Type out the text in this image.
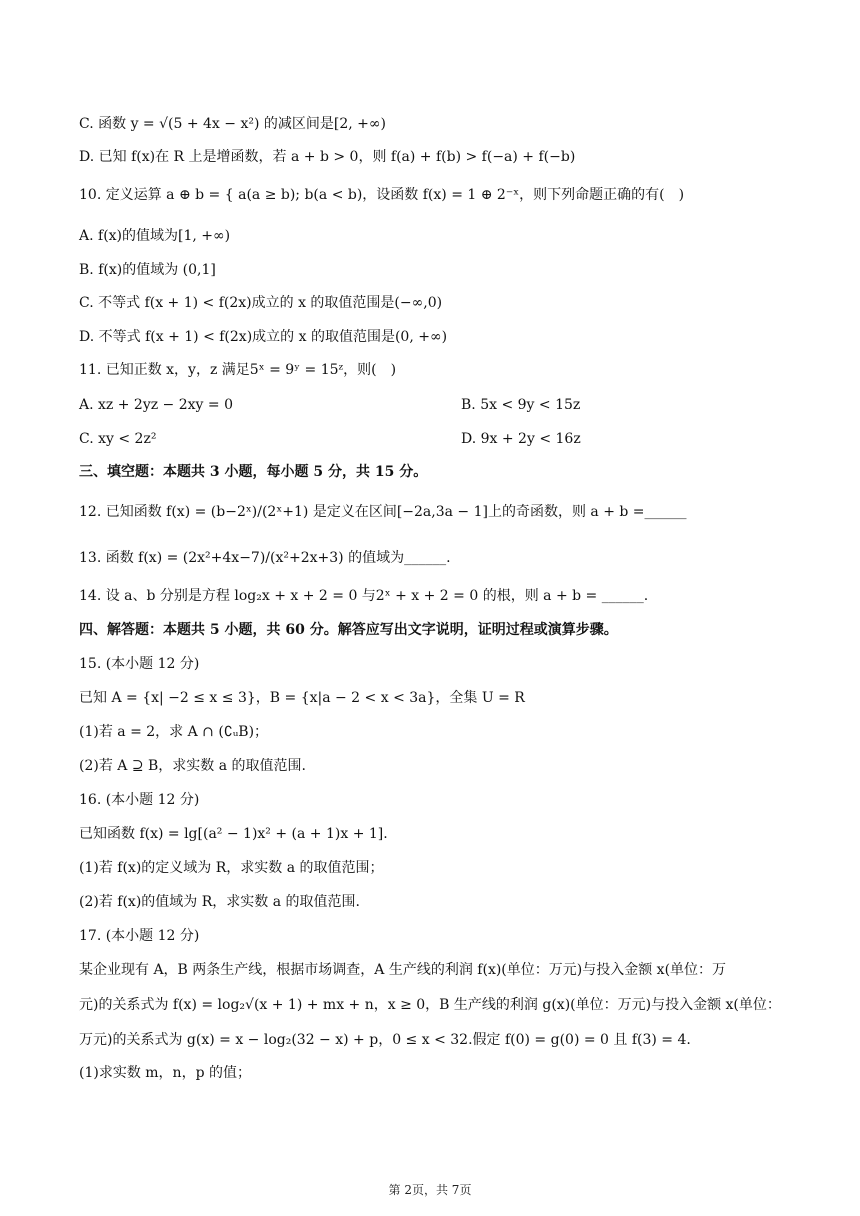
C. 函数 y = √(5 + 4x − x²) 的减区间是[2, +∞)
D. 已知 f(x)在 R 上是增函数，若 a + b > 0，则 f(a) + f(b) > f(−a) + f(−b)
10. 定义运算 a ⊕ b = { a(a ≥ b); b(a < b)，设函数 f(x) = 1 ⊕ 2⁻ˣ，则下列命题正确的有(　)
A. f(x)的值域为[1, +∞)
B. f(x)的值域为 (0,1]
C. 不等式 f(x + 1) < f(2x)成立的 x 的取值范围是(−∞,0)
D. 不等式 f(x + 1) < f(2x)成立的 x 的取值范围是(0, +∞)
11. 已知正数 x，y，z 满足5ˣ = 9ʸ = 15ᶻ，则(　)
A. xz + 2yz − 2xy = 0	B. 5x < 9y < 15z
C. xy < 2z²	D. 9x + 2y < 16z
三、填空题：本题共 3 小题，每小题 5 分，共 15 分。
12. 已知函数 f(x) = (b−2ˣ)/(2ˣ+1) 是定义在区间[−2a,3a − 1]上的奇函数，则 a + b =______
13. 函数 f(x) = (2x²+4x−7)/(x²+2x+3) 的值域为______.
14. 设 a、b 分别是方程 log₂x + x + 2 = 0 与2ˣ + x + 2 = 0 的根，则 a + b = ______.
四、解答题：本题共 5 小题，共 60 分。解答应写出文字说明，证明过程或演算步骤。
15. (本小题 12 分)
已知 A = {x| −2 ≤ x ≤ 3}，B = {x|a − 2 < x < 3a}，全集 U = R
(1)若 a = 2，求 A ∩ (∁ᵤB)；
(2)若 A ⊇ B，求实数 a 的取值范围.
16. (本小题 12 分)
已知函数 f(x) = lg[(a² − 1)x² + (a + 1)x + 1].
(1)若 f(x)的定义域为 R，求实数 a 的取值范围；
(2)若 f(x)的值域为 R，求实数 a 的取值范围.
17. (本小题 12 分)
某企业现有 A，B 两条生产线，根据市场调查，A 生产线的利润 f(x)(单位：万元)与投入金额 x(单位：万
元)的关系式为 f(x) = log₂√(x + 1) + mx + n，x ≥ 0，B 生产线的利润 g(x)(单位：万元)与投入金额 x(单位：
万元)的关系式为 g(x) = x − log₂(32 − x) + p，0 ≤ x < 32.假定 f(0) = g(0) = 0 且 f(3) = 4.
(1)求实数 m，n，p 的值；
第 2页，共 7页
